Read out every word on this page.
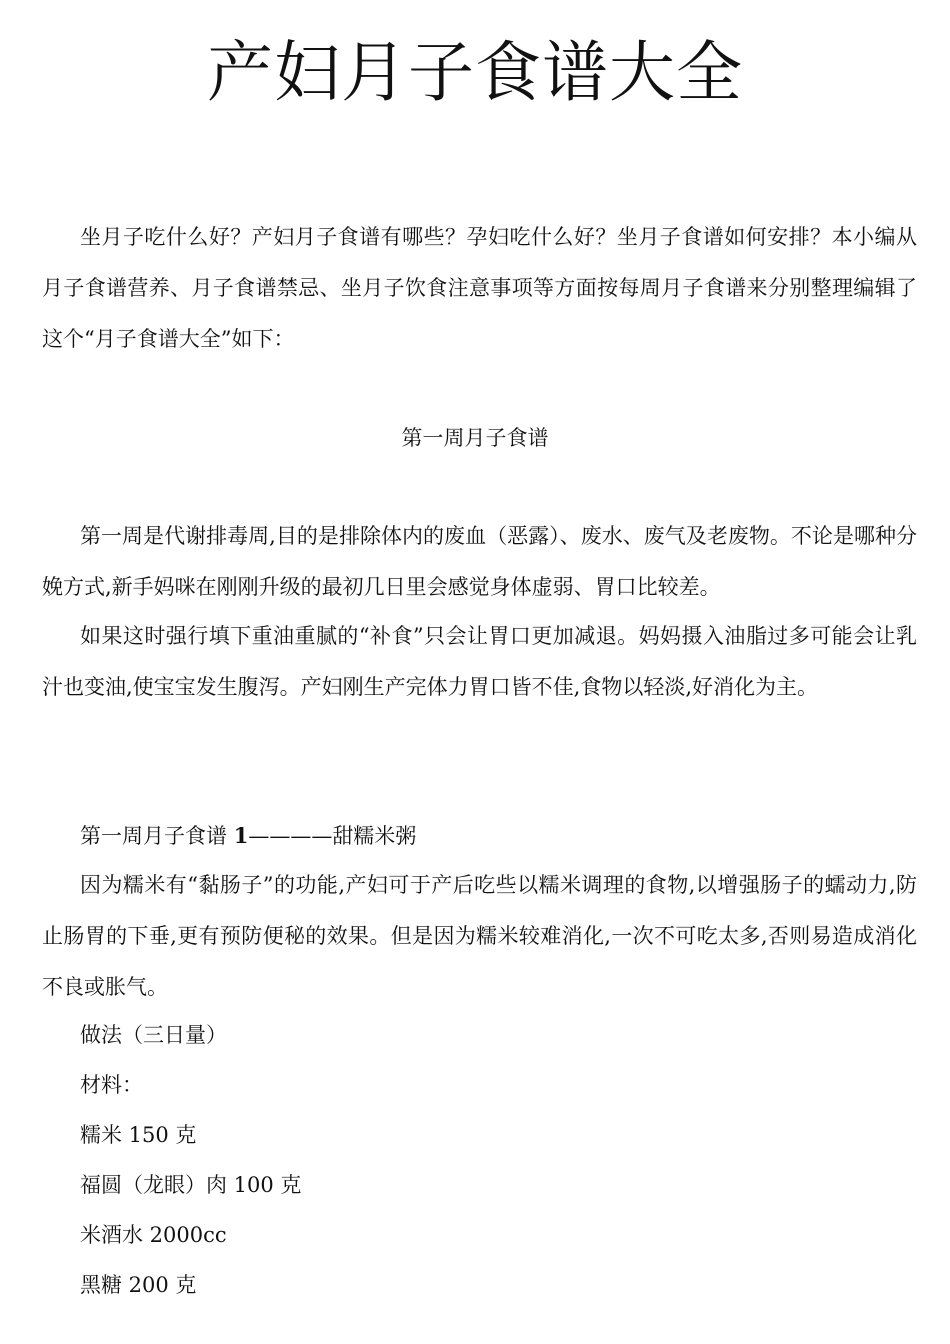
产妇月子食谱大全

坐月子吃什么好？产妇月子食谱有哪些？孕妇吃什么好？坐月子食谱如何安排？本小编从月子食谱营养、月子食谱禁忌、坐月子饮食注意事项等方面按每周月子食谱来分别整理编辑了这个“月子食谱大全”如下：

第一周月子食谱

第一周是代谢排毒周,目的是排除体内的废血（恶露）、废水、废气及老废物。不论是哪种分娩方式,新手妈咪在刚刚升级的最初几日里会感觉身体虚弱、胃口比较差。

如果这时强行填下重油重腻的“补食”只会让胃口更加减退。妈妈摄入油脂过多可能会让乳汁也变油,使宝宝发生腹泻。产妇刚生产完体力胃口皆不佳,食物以轻淡,好消化为主。

第一周月子食谱 1————甜糯米粥

因为糯米有“黏肠子”的功能,产妇可于产后吃些以糯米调理的食物,以增强肠子的蠕动力,防止肠胃的下垂,更有预防便秘的效果。但是因为糯米较难消化,一次不可吃太多,否则易造成消化不良或胀气。

做法（三日量）

材料：

糯米 150 克

福圆（龙眼）肉 100 克

米酒水 2000cc

黑糖 200 克
